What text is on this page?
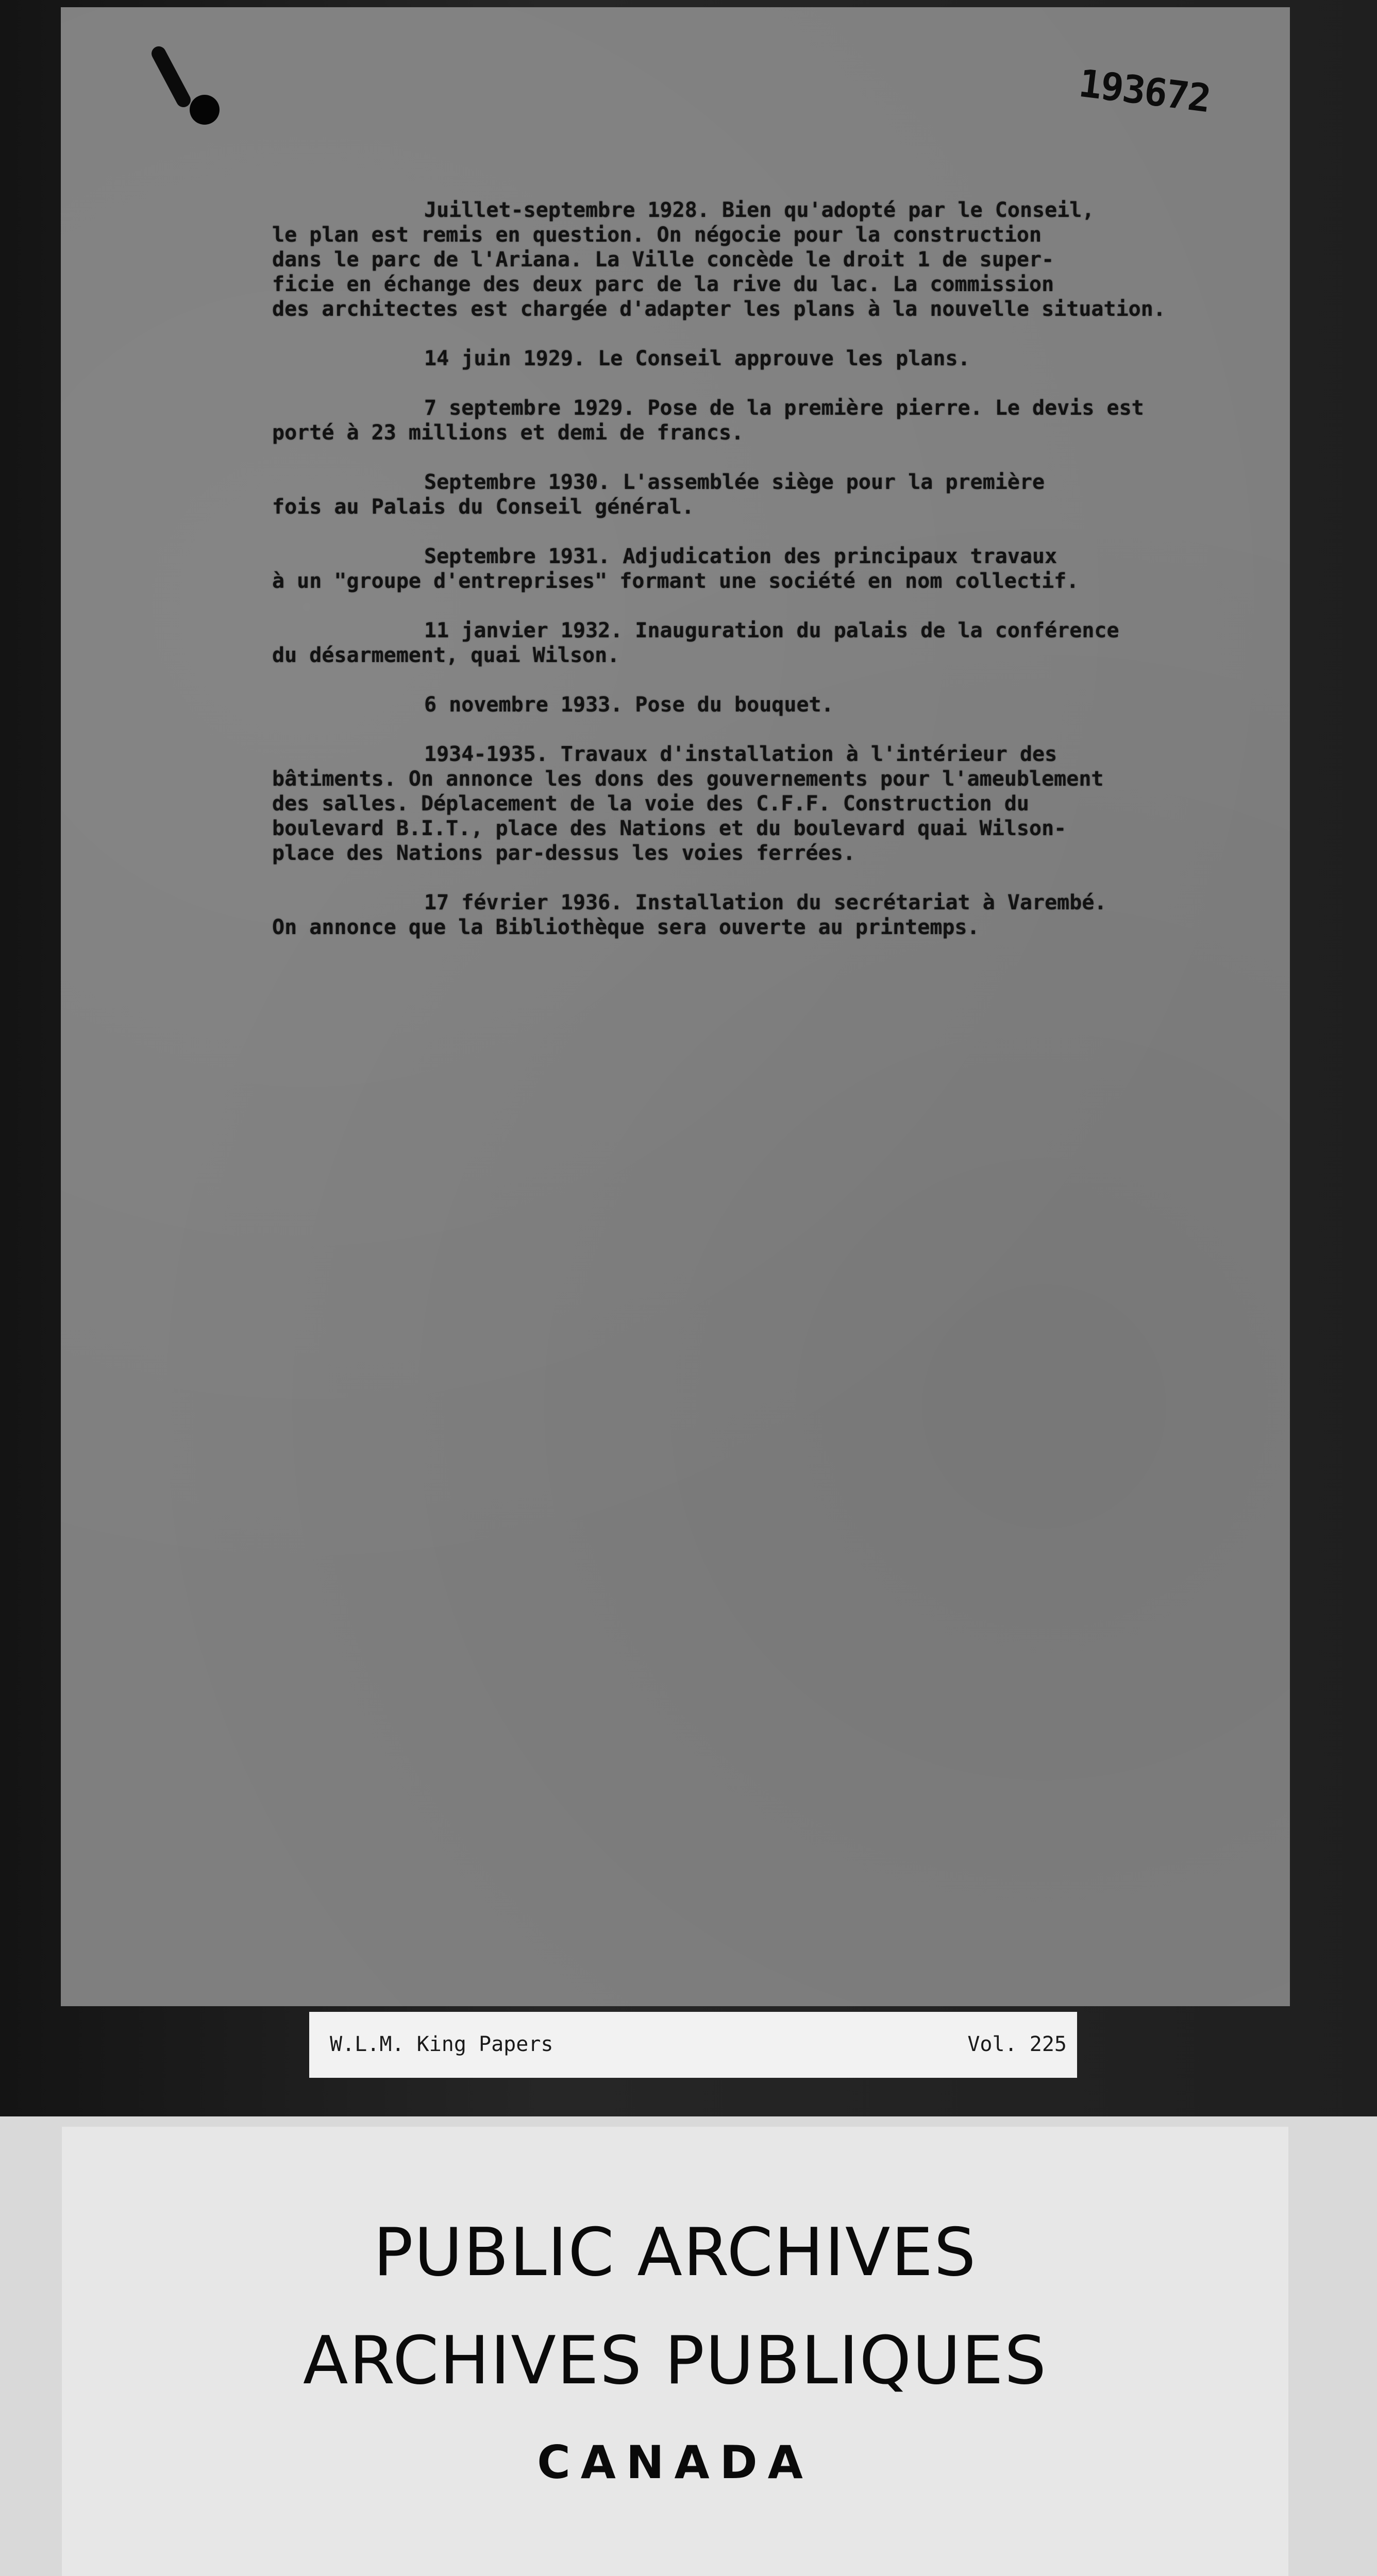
193672

Juillet-septembre 1928. Bien qu'adopté par le Conseil,
le plan est remis en question. On négocie pour la construction
dans le parc de l'Ariana. La Ville concède le droit 1 de super-
ficie en échange des deux parc de la rive du lac. La commission
des architectes est chargée d'adapter les plans à la nouvelle situation.

14 juin 1929. Le Conseil approuve les plans.

7 septembre 1929. Pose de la première pierre. Le devis est
porté à 23 millions et demi de francs.

Septembre 1930. L'assemblée siège pour la première
fois au Palais du Conseil général.

Septembre 1931. Adjudication des principaux travaux
à un "groupe d'entreprises" formant une société en nom collectif.

11 janvier 1932. Inauguration du palais de la conférence
du désarmement, quai Wilson.

6 novembre 1933. Pose du bouquet.

1934-1935. Travaux d'installation à l'intérieur des
bâtiments. On annonce les dons des gouvernements pour l'ameublement
des salles. Déplacement de la voie des C.F.F. Construction du
boulevard B.I.T., place des Nations et du boulevard quai Wilson-
place des Nations par-dessus les voies ferrées.

17 février 1936. Installation du secrétariat à Varembé.
On annonce que la Bibliothèque sera ouverte au printemps.

W.L.M. King Papers	Vol. 225
PUBLIC ARCHIVES
ARCHIVES PUBLIQUES
CANADA
